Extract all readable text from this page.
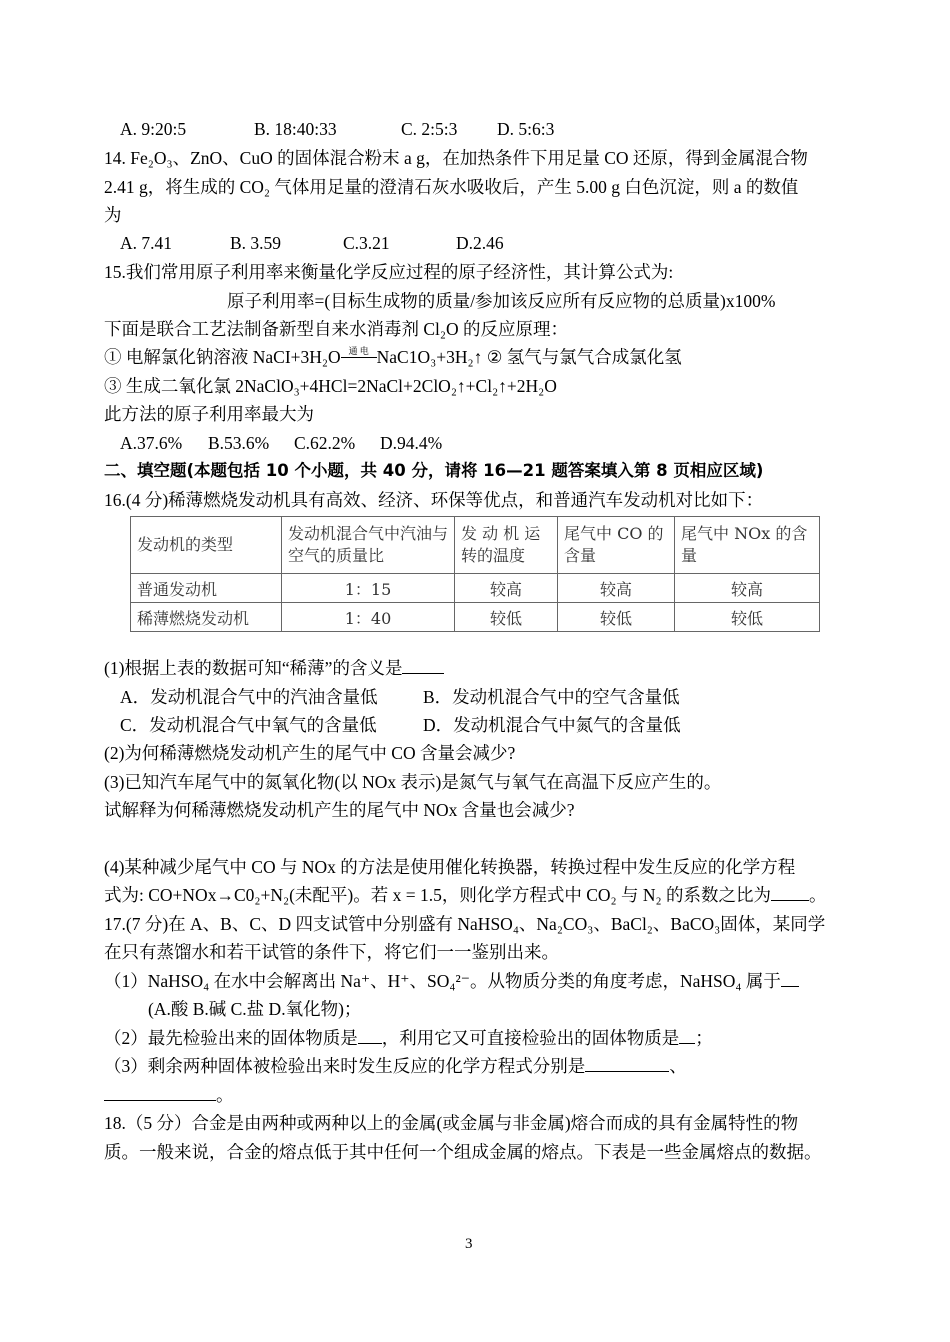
A. 9:20:5	B. 18:40:33	C. 2:5:3 D. 5:6:3
14. Fe₂O₃、ZnO、CuO 的固体混合粉末 a g，在加热条件下用足量 CO 还原，得到金属混合物
2.41 g，将生成的 CO₂ 气体用足量的澄清石灰水吸收后，产生 5.00 g 白色沉淀，则 a 的数值
为
A. 7.41	B. 3.59	C.3.21	D.2.46
15.我们常用原子利用率来衡量化学反应过程的原子经济性，其计算公式为:
原子利用率=(目标生成物的质量/参加该反应所有反应物的总质量)x100%
下面是联合工艺法制备新型自来水消毒剂 Cl₂O 的反应原理：
① 电解氯化钠溶液 NaCI+3H₂O 通 电 NaC1O₃+3H₂↑ ② 氢气与氯气合成氯化氢
③ 生成二氧化氯 2NaClO₃+4HCl=2NaCl+2ClO₂↑+Cl₂↑+2H₂O
此方法的原子利用率最大为
A.37.6% B.53.6% C.62.2% D.94.4%
二、填空题(本题包括 10 个小题，共 40 分，请将 16—21 题答案填入第 8 页相应区域)
16.(4 分)稀薄燃烧发动机具有高效、经济、环保等优点，和普通汽车发动机对比如下：
发动机的类型	发动机混合气中汽油与空气的质量比	发 动 机 运转的温度	尾气中 CO 的含量	尾气中 NOx 的含量
普通发动机	1：15	较高	较高	较高
稀薄燃烧发动机	1：40	较低	较低	较低
(1)根据上表的数据可知“稀薄”的含义是
A．发动机混合气中的汽油含量低	B．发动机混合气中的空气含量低
C．发动机混合气中氧气的含量低	D．发动机混合气中氮气的含量低
(2)为何稀薄燃烧发动机产生的尾气中 CO 含量会减少?
(3)已知汽车尾气中的氮氧化物(以 NOx 表示)是氮气与氧气在高温下反应产生的。
试解释为何稀薄燃烧发动机产生的尾气中 NOx 含量也会减少?
(4)某种减少尾气中 CO 与 NOx 的方法是使用催化转换器，转换过程中发生反应的化学方程
式为: CO+NOx→C0₂+N₂(未配平)。若 x = 1.5，则化学方程式中 CO₂ 与 N₂ 的系数之比为 。
17.(7 分)在 A、B、C、D 四支试管中分别盛有 NaHSO₄、Na₂CO₃、BaCl₂、BaCO₃固体，某同学
在只有蒸馏水和若干试管的条件下，将它们一一鉴别出来。
（1）NaHSO₄ 在水中会解离出 Na⁺、H⁺、SO₄²⁻。从物质分类的角度考虑，NaHSO₄ 属于
(A.酸 B.碱 C.盐 D.氧化物)；
（2）最先检验出来的固体物质是 ，利用它又可直接检验出的固体物质是 ；
（3）剩余两种固体被检验出来时发生反应的化学方程式分别是	、
。
18.（5 分）合金是由两种或两种以上的金属(或金属与非金属)熔合而成的具有金属特性的物
质。一般来说，合金的熔点低于其中任何一个组成金属的熔点。下表是一些金属熔点的数据。
3
